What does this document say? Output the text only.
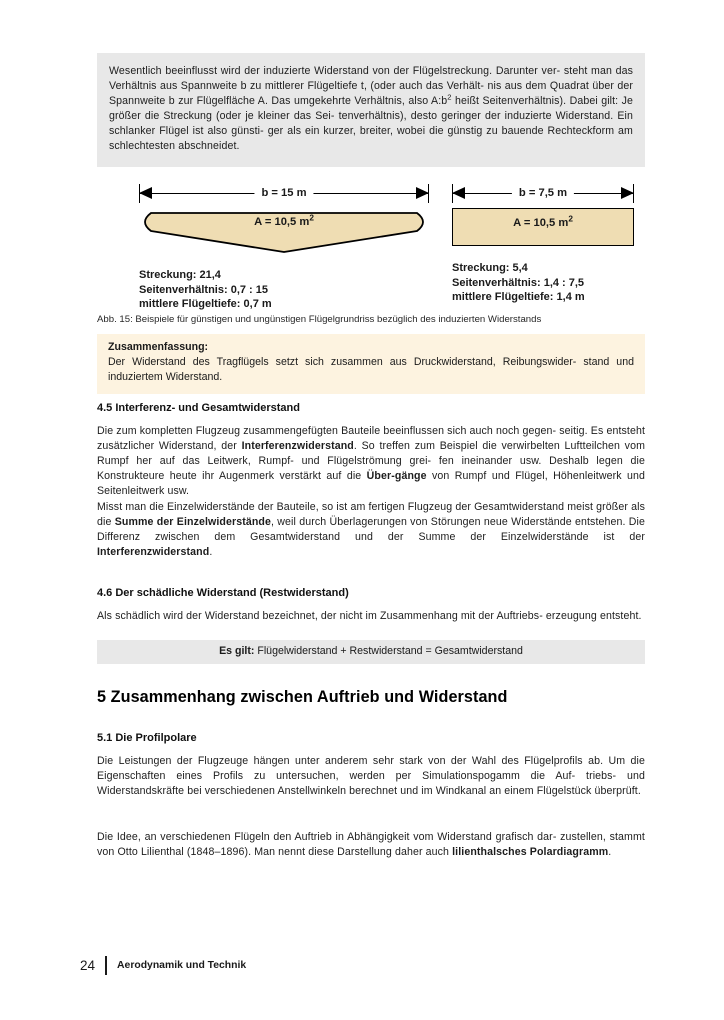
Wesentlich beeinflusst wird der induzierte Widerstand von der Flügelstreckung. Darunter ver- steht man das Verhältnis aus Spannweite b zu mittlerer Flügeltiefe t, (oder auch das Verhält- nis aus dem Quadrat über der Spannweite b zur Flügelfläche A. Das umgekehrte Verhältnis, also $A:b^2$ heißt Seitenverhältnis). Dabei gilt: Je größer die Streckung (oder je kleiner das Sei- tenverhältnis), desto geringer der induzierte Widerstand. Ein schlanker Flügel ist also günsti- ger als ein kurzer, breiter, wobei die günstig zu bauende Rechteckform am schlechtesten abschneidet.

b = 15 m
A = 10,5 $m^2$
Streckung: 21,4
Seitenverhältnis: 0,7 : 15
mittlere Flügeltiefe: 0,7 m
b = 7,5 m
A = 10,5 $m^2$
Streckung: 5,4
Seitenverhältnis: 1,4 : 7,5
mittlere Flügeltiefe: 1,4 m
Abb. 15: Beispiele für günstigen und ungünstigen Flügelgrundriss bezüglich des induzierten Widerstands
Zusammenfassung:
Der Widerstand des Tragflügels setzt sich zusammen aus Druckwiderstand, Reibungswider- stand und induziertem Widerstand.
4.5 Interferenz- und Gesamtwiderstand
Die zum kompletten Flugzeug zusammengefügten Bauteile beeinflussen sich auch noch gegen- seitig. Es entsteht zusätzlicher Widerstand, der Interferenzwiderstand. So treffen zum Beispiel die verwirbelten Luftteilchen vom Rumpf her auf das Leitwerk, Rumpf- und Flügelströmung grei- fen ineinander usw. Deshalb legen die Konstrukteure heute ihr Augenmerk verstärkt auf die Über-gänge von Rumpf und Flügel, Höhenleitwerk und Seitenleitwerk usw.
Misst man die Einzelwiderstände der Bauteile, so ist am fertigen Flugzeug der Gesamtwiderstand meist größer als die Summe der Einzelwiderstände, weil durch Überlagerungen von Störungen neue Widerstände entstehen. Die Differenz zwischen dem Gesamtwiderstand und der Summe der Einzelwiderstände ist der Interferenzwiderstand.
4.6 Der schädliche Widerstand (Restwiderstand)
Als schädlich wird der Widerstand bezeichnet, der nicht im Zusammenhang mit der Auftriebs- erzeugung entsteht.
Es gilt: Flügelwiderstand + Restwiderstand = Gesamtwiderstand
5 Zusammenhang zwischen Auftrieb und Widerstand
5.1 Die Profilpolare
Die Leistungen der Flugzeuge hängen unter anderem sehr stark von der Wahl des Flügelprofils ab. Um die Eigenschaften eines Profils zu untersuchen, werden per Simulationspogamm die Auf- triebs- und Widerstandskräfte bei verschiedenen Anstellwinkeln berechnet und im Windkanal an einem Flügelstück überprüft.
Die Idee, an verschiedenen Flügeln den Auftrieb in Abhängigkeit vom Widerstand grafisch dar- zustellen, stammt von Otto Lilienthal (1848–1896). Man nennt diese Darstellung daher auch lilienthalsches Polardiagramm.
24	Aerodynamik und Technik
